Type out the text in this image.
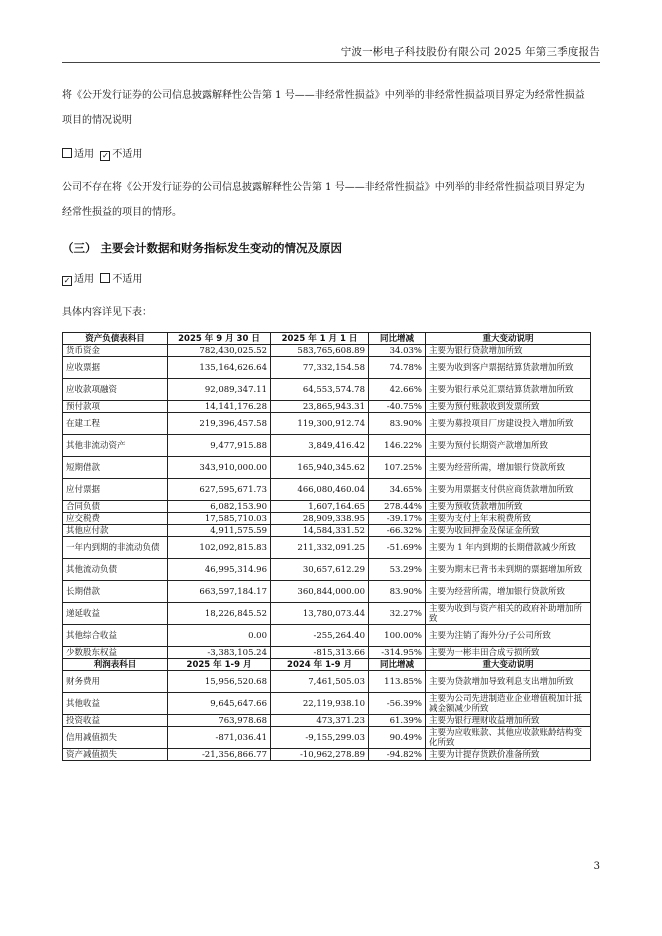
宁波一彬电子科技股份有限公司 2025 年第三季度报告
将《公开发行证券的公司信息披露解释性公告第 1 号——非经常性损益》中列举的非经常性损益项目界定为经常性损益
项目的情况说明
适用 ✓ 不适用
公司不存在将《公开发行证券的公司信息披露解释性公告第 1 号——非经常性损益》中列举的非经常性损益项目界定为
经常性损益的项目的情形。
（三） 主要会计数据和财务指标发生变动的情况及原因
✓ 适用 不适用
具体内容详见下表：
资产负债表科目	2025 年 9 月 30 日	2025 年 1 月 1 日	同比增减	重大变动说明
货币资金	782,430,025.52	583,765,608.89	34.03%	主要为银行贷款增加所致
应收票据	135,164,626.64	77,332,154.58	74.78%	主要为收到客户票据结算货款增加所致
应收款项融资	92,089,347.11	64,553,574.78	42.66%	主要为银行承兑汇票结算货款增加所致
预付款项	14,141,176.28	23,865,943.31	-40.75%	主要为预付账款收到发票所致
在建工程	219,396,457.58	119,300,912.74	83.90%	主要为募投项目厂房建设投入增加所致
其他非流动资产	9,477,915.88	3,849,416.42	146.22%	主要为预付长期资产款增加所致
短期借款	343,910,000.00	165,940,345.62	107.25%	主要为经营所需，增加银行贷款所致
应付票据	627,595,671.73	466,080,460.04	34.65%	主要为用票据支付供应商货款增加所致
合同负债	6,082,153.90	1,607,164.65	278.44%	主要为预收货款增加所致
应交税费	17,585,710.03	28,909,338.95	-39.17%	主要为支付上年末税费所致
其他应付款	4,911,575.59	14,584,331.52	-66.32%	主要为收回押金及保证金所致
一年内到期的非流动负债	102,092,815.83	211,332,091.25	-51.69%	主要为 1 年内到期的长期借款减少所致
其他流动负债	46,995,314.96	30,657,612.29	53.29%	主要为期末已背书未到期的票据增加所致
长期借款	663,597,184.17	360,844,000.00	83.90%	主要为经营所需，增加银行贷款所致
递延收益	18,226,845.52	13,780,073.44	32.27%	主要为收到与资产相关的政府补助增加所致
其他综合收益	0.00	-255,264.40	100.00%	主要为注销了海外分/子公司所致
少数股东权益	-3,383,105.24	-815,313.66	-314.95%	主要为一彬丰田合成亏损所致
利润表科目	2025 年 1-9 月	2024 年 1-9 月	同比增减	重大变动说明
财务费用	15,956,520.68	7,461,505.03	113.85%	主要为贷款增加导致利息支出增加所致
其他收益	9,645,647.66	22,119,938.10	-56.39%	主要为公司先进制造业企业增值税加计抵减金额减少所致
投资收益	763,978.68	473,371.23	61.39%	主要为银行理财收益增加所致
信用减值损失	-871,036.41	-9,155,299.03	90.49%	主要为应收账款、其他应收款账龄结构变化所致
资产减值损失	-21,356,866.77	-10,962,278.89	-94.82%	主要为计提存货跌价准备所致
3
